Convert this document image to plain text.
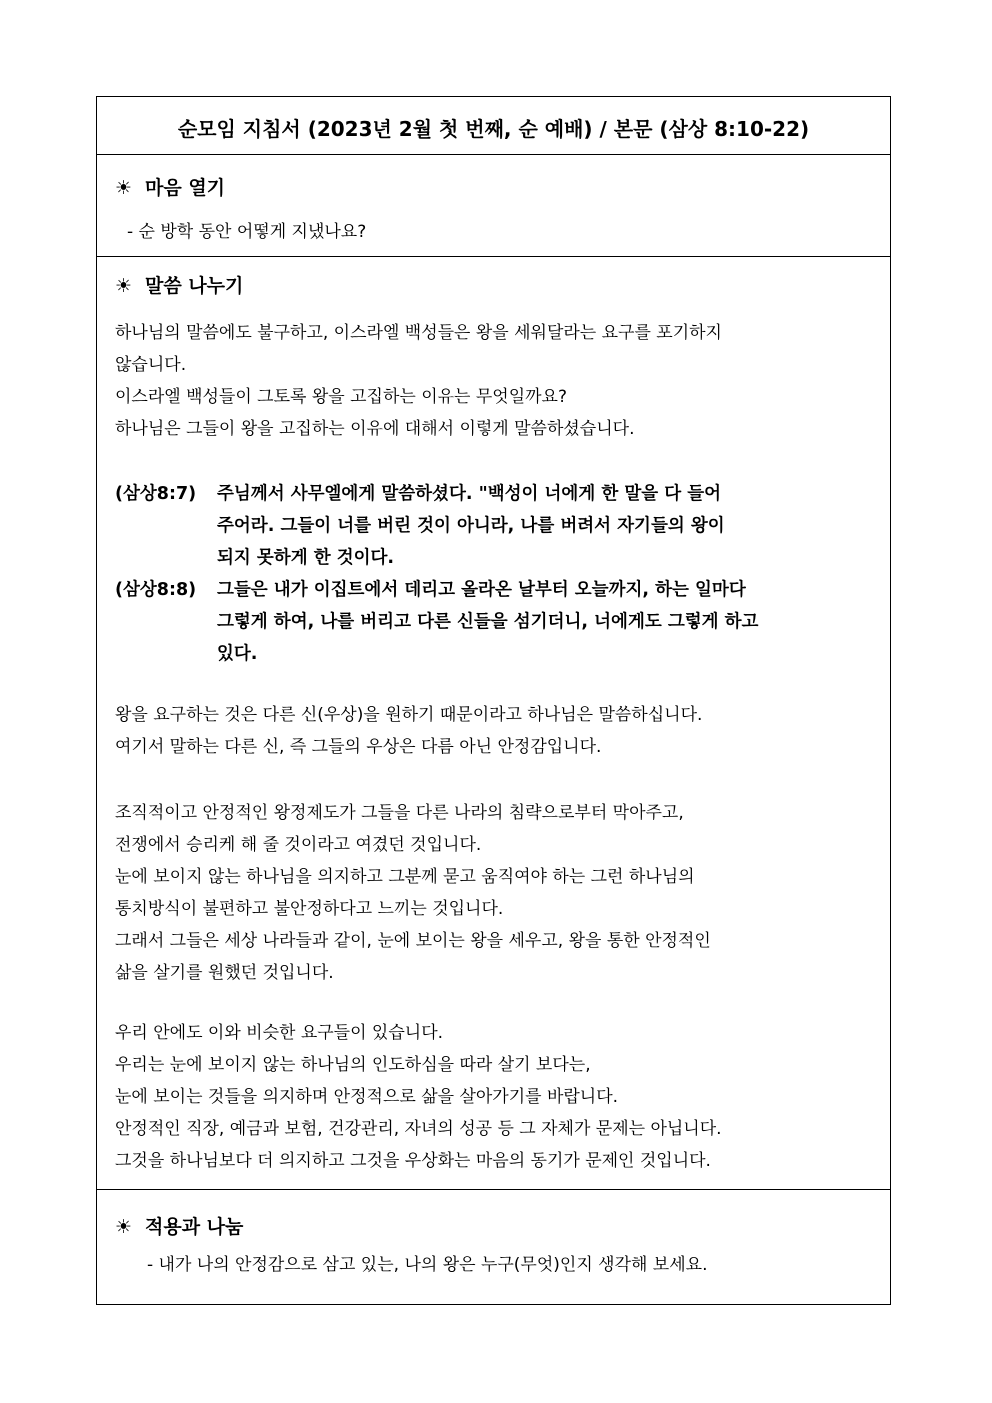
순모임 지침서 (2023년 2월 첫 번째, 순 예배) / 본문 (삼상 8:10-22)
☀ 마음 열기
- 순 방학 동안 어떻게 지냈나요?
☀ 말씀 나누기
하나님의 말씀에도 불구하고, 이스라엘 백성들은 왕을 세워달라는 요구를 포기하지
않습니다.
이스라엘 백성들이 그토록 왕을 고집하는 이유는 무엇일까요?
하나님은 그들이 왕을 고집하는 이유에 대해서 이렇게 말씀하셨습니다.
(삼상8:7)	주님께서 사무엘에게 말씀하셨다. "백성이 너에게 한 말을 다 들어
주어라. 그들이 너를 버린 것이 아니라, 나를 버려서 자기들의 왕이
되지 못하게 한 것이다.
(삼상8:8)	그들은 내가 이집트에서 데리고 올라온 날부터 오늘까지, 하는 일마다
그렇게 하여, 나를 버리고 다른 신들을 섬기더니, 너에게도 그렇게 하고
있다.
왕을 요구하는 것은 다른 신(우상)을 원하기 때문이라고 하나님은 말씀하십니다.
여기서 말하는 다른 신, 즉 그들의 우상은 다름 아닌 안정감입니다.
조직적이고 안정적인 왕정제도가 그들을 다른 나라의 침략으로부터 막아주고,
전쟁에서 승리케 해 줄 것이라고 여겼던 것입니다.
눈에 보이지 않는 하나님을 의지하고 그분께 묻고 움직여야 하는 그런 하나님의
통치방식이 불편하고 불안정하다고 느끼는 것입니다.
그래서 그들은 세상 나라들과 같이, 눈에 보이는 왕을 세우고, 왕을 통한 안정적인
삶을 살기를 원했던 것입니다.
우리 안에도 이와 비슷한 요구들이 있습니다.
우리는 눈에 보이지 않는 하나님의 인도하심을 따라 살기 보다는,
눈에 보이는 것들을 의지하며 안정적으로 삶을 살아가기를 바랍니다.
안정적인 직장, 예금과 보험, 건강관리, 자녀의 성공 등 그 자체가 문제는 아닙니다.
그것을 하나님보다 더 의지하고 그것을 우상화는 마음의 동기가 문제인 것입니다.
☀ 적용과 나눔
- 내가 나의 안정감으로 삼고 있는, 나의 왕은 누구(무엇)인지 생각해 보세요.
